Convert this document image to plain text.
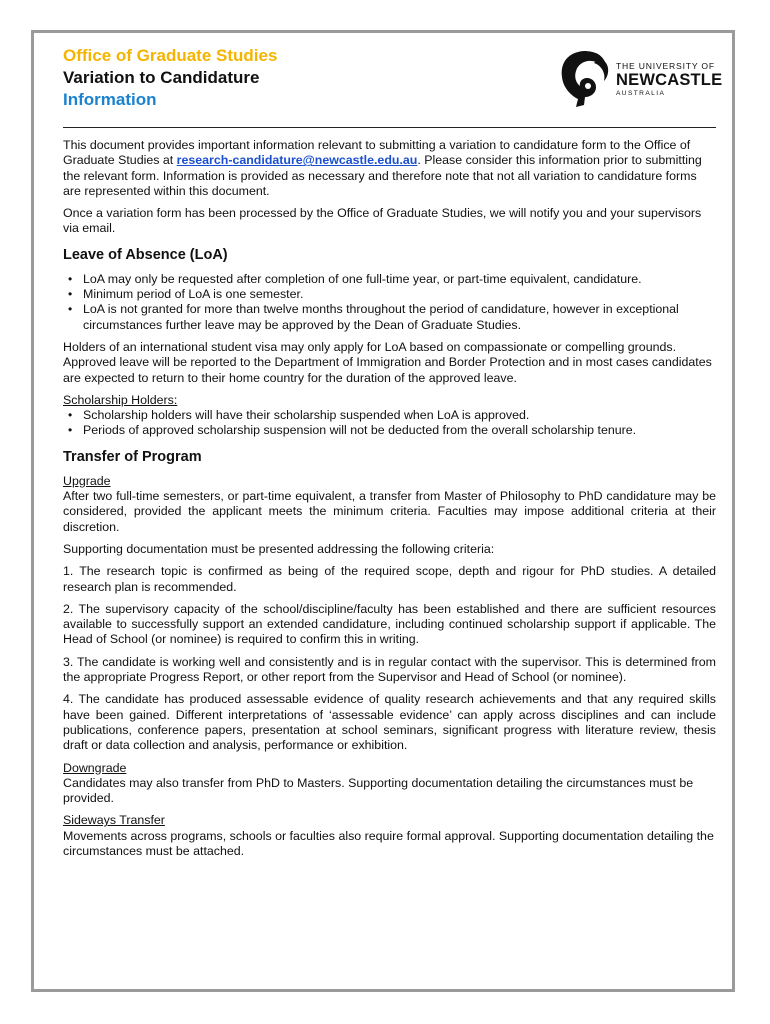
Office of Graduate Studies
Variation to Candidature
Information
THE UNIVERSITY OF
NEWCASTLE
AUSTRALIA

This document provides important information relevant to submitting a variation to candidature form to the Office of Graduate Studies at research-candidature@newcastle.edu.au. Please consider this information prior to submitting the relevant form. Information is provided as necessary and therefore note that not all variation to candidature forms are represented within this document.

Once a variation form has been processed by the Office of Graduate Studies, we will notify you and your supervisors via email.

Leave of Absence (LoA)
• LoA may only be requested after completion of one full-time year, or part-time equivalent, candidature.
• Minimum period of LoA is one semester.
• LoA is not granted for more than twelve months throughout the period of candidature, however in exceptional circumstances further leave may be approved by the Dean of Graduate Studies.

Holders of an international student visa may only apply for LoA based on compassionate or compelling grounds. Approved leave will be reported to the Department of Immigration and Border Protection and in most cases candidates are expected to return to their home country for the duration of the approved leave.

Scholarship Holders:
• Scholarship holders will have their scholarship suspended when LoA is approved.
• Periods of approved scholarship suspension will not be deducted from the overall scholarship tenure.
Transfer of Program
Upgrade

After two full-time semesters, or part-time equivalent, a transfer from Master of Philosophy to PhD candidature may be considered, provided the applicant meets the minimum criteria. Faculties may impose additional criteria at their discretion.

Supporting documentation must be presented addressing the following criteria:

1. The research topic is confirmed as being of the required scope, depth and rigour for PhD studies. A detailed research plan is recommended.

2. The supervisory capacity of the school/discipline/faculty has been established and there are sufficient resources available to successfully support an extended candidature, including continued scholarship support if applicable. The Head of School (or nominee) is required to confirm this in writing.

3. The candidate is working well and consistently and is in regular contact with the supervisor. This is determined from the appropriate Progress Report, or other report from the Supervisor and Head of School (or nominee).

4. The candidate has produced assessable evidence of quality research achievements and that any required skills have been gained. Different interpretations of ‘assessable evidence’ can apply across disciplines and can include publications, conference papers, presentation at school seminars, significant progress with literature review, thesis draft or data collection and analysis, performance or exhibition.

Downgrade

Candidates may also transfer from PhD to Masters. Supporting documentation detailing the circumstances must be provided.

Sideways Transfer

Movements across programs, schools or faculties also require formal approval. Supporting documentation detailing the circumstances must be attached.
